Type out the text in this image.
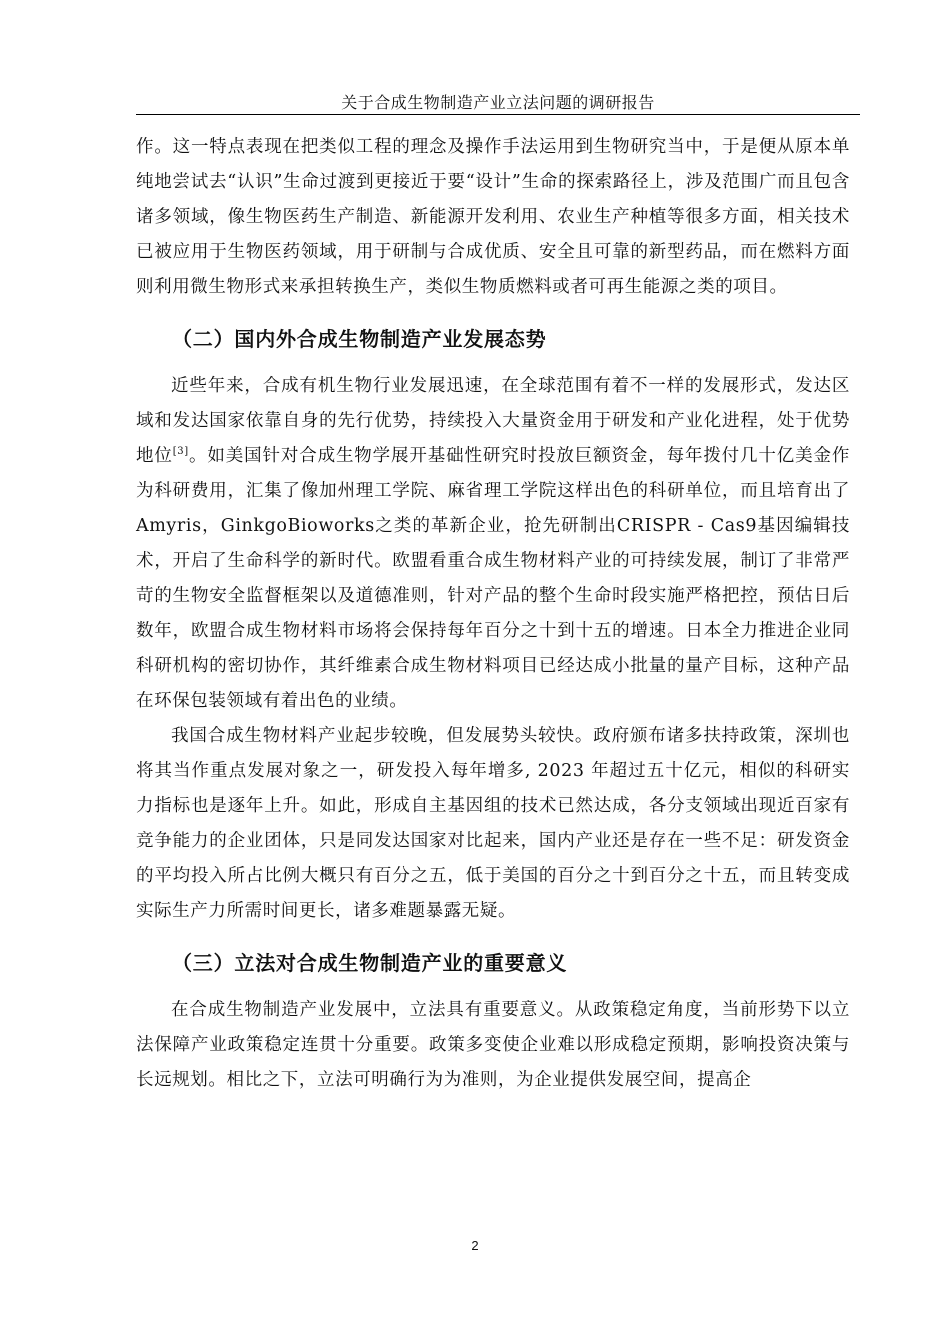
关于合成生物制造产业立法问题的调研报告

作。这一特点表现在把类似工程的理念及操作手法运用到生物研究当中，于是便从原本单纯地尝试去“认识”生命过渡到更接近于要“设计”生命的探索路径上，涉及范围广而且包含诸多领域，像生物医药生产制造、新能源开发利用、农业生产种植等很多方面，相关技术已被应用于生物医药领域，用于研制与合成优质、安全且可靠的新型药品，而在燃料方面则利用微生物形式来承担转换生产，类似生物质燃料或者可再生能源之类的项目。

（二）国内外合成生物制造产业发展态势

近些年来，合成有机生物行业发展迅速，在全球范围有着不一样的发展形式，发达区域和发达国家依靠自身的先行优势，持续投入大量资金用于研发和产业化进程，处于优势地位[3]。如美国针对合成生物学展开基础性研究时投放巨额资金，每年拨付几十亿美金作为科研费用，汇集了像加州理工学院、麻省理工学院这样出色的科研单位，而且培育出了Amyris，GinkgoBioworks之类的革新企业，抢先研制出CRISPR - Cas9基因编辑技术，开启了生命科学的新时代。欧盟看重合成生物材料产业的可持续发展，制订了非常严苛的生物安全监督框架以及道德准则，针对产品的整个生命时段实施严格把控，预估日后数年，欧盟合成生物材料市场将会保持每年百分之十到十五的增速。日本全力推进企业同科研机构的密切协作，其纤维素合成生物材料项目已经达成小批量的量产目标，这种产品在环保包装领域有着出色的业绩。

我国合成生物材料产业起步较晚，但发展势头较快。政府颁布诸多扶持政策，深圳也将其当作重点发展对象之一，研发投入每年增多, 2023 年超过五十亿元，相似的科研实力指标也是逐年上升。如此，形成自主基因组的技术已然达成，各分支领域出现近百家有竞争能力的企业团体，只是同发达国家对比起来，国内产业还是存在一些不足：研发资金的平均投入所占比例大概只有百分之五，低于美国的百分之十到百分之十五，而且转变成实际生产力所需时间更长，诸多难题暴露无疑。

（三）立法对合成生物制造产业的重要意义

在合成生物制造产业发展中，立法具有重要意义。从政策稳定角度，当前形势下以立法保障产业政策稳定连贯十分重要。政策多变使企业难以形成稳定预期，影响投资决策与长远规划。相比之下，立法可明确行为为准则，为企业提供发展空间，提高企

2
